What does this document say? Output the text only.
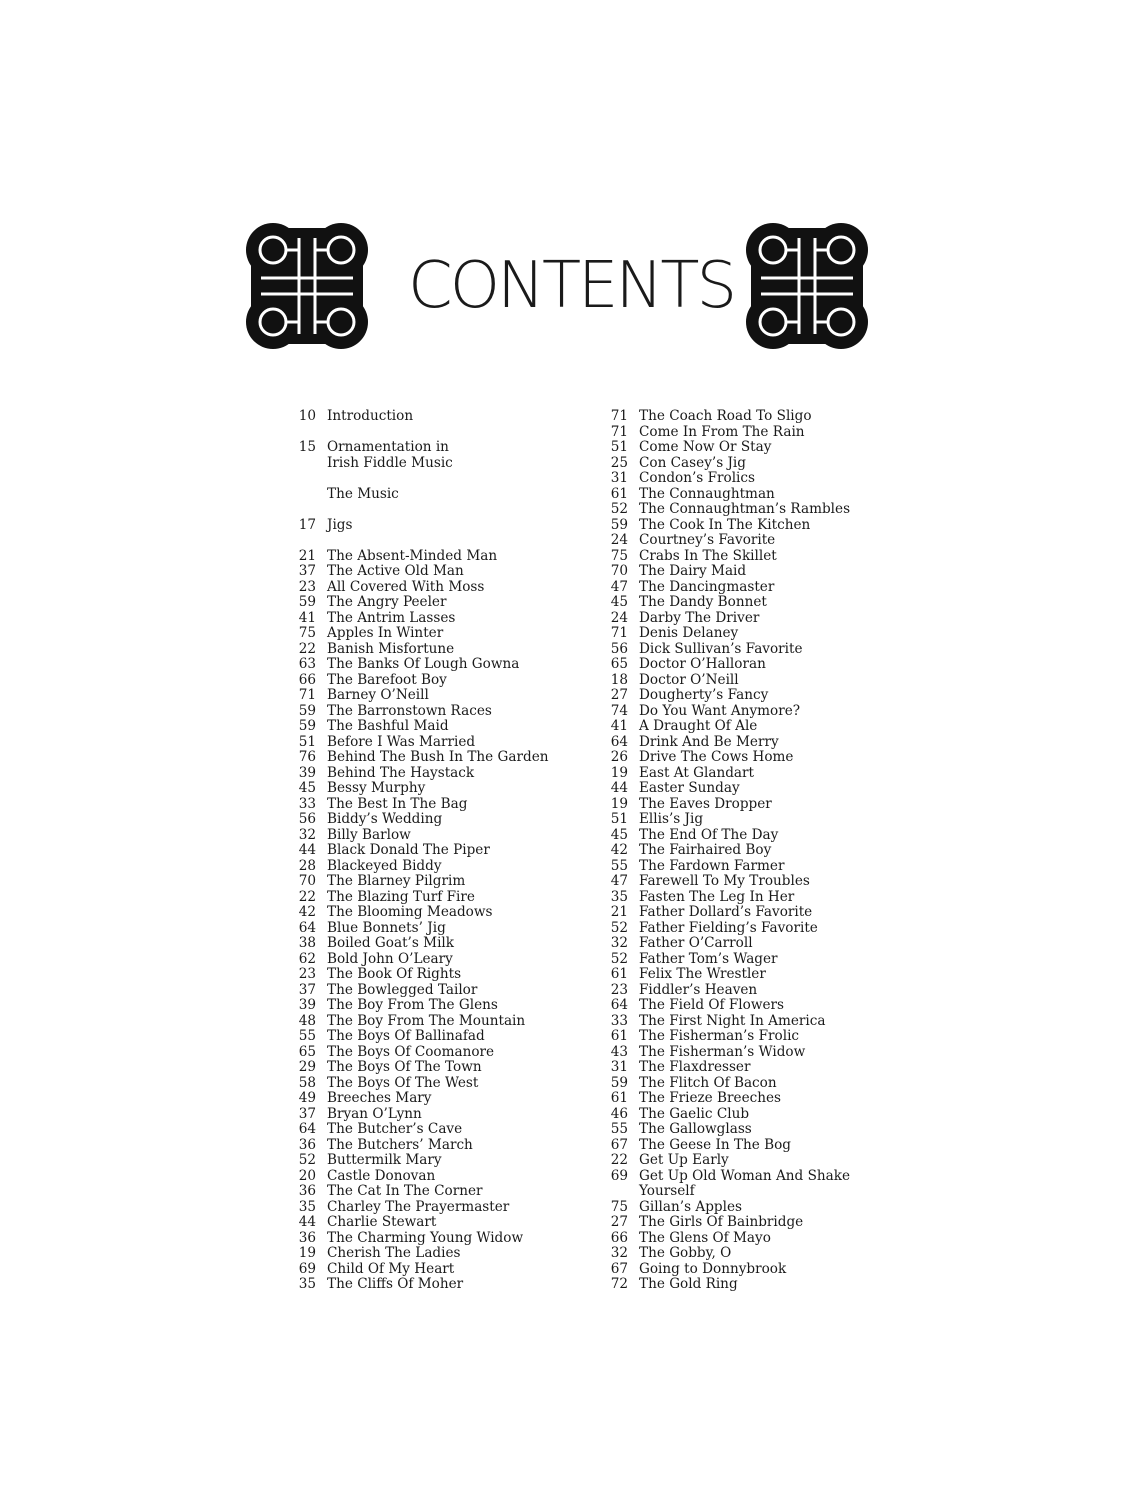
CONTENTS
10 Introduction
15 Ornamentation in
Irish Fiddle Music
The Music
17 Jigs
21 The Absent-Minded Man
37 The Active Old Man
23 All Covered With Moss
59 The Angry Peeler
41 The Antrim Lasses
75 Apples In Winter
22 Banish Misfortune
63 The Banks Of Lough Gowna
66 The Barefoot Boy
71 Barney O’Neill
59 The Barronstown Races
59 The Bashful Maid
51 Before I Was Married
76 Behind The Bush In The Garden
39 Behind The Haystack
45 Bessy Murphy
33 The Best In The Bag
56 Biddy’s Wedding
32 Billy Barlow
44 Black Donald The Piper
28 Blackeyed Biddy
70 The Blarney Pilgrim
22 The Blazing Turf Fire
42 The Blooming Meadows
64 Blue Bonnets’ Jig
38 Boiled Goat’s Milk
62 Bold John O’Leary
23 The Book Of Rights
37 The Bowlegged Tailor
39 The Boy From The Glens
48 The Boy From The Mountain
55 The Boys Of Ballinafad
65 The Boys Of Coomanore
29 The Boys Of The Town
58 The Boys Of The West
49 Breeches Mary
37 Bryan O’Lynn
64 The Butcher’s Cave
36 The Butchers’ March
52 Buttermilk Mary
20 Castle Donovan
36 The Cat In The Corner
35 Charley The Prayermaster
44 Charlie Stewart
36 The Charming Young Widow
19 Cherish The Ladies
69 Child Of My Heart
35 The Cliffs Of Moher
71 The Coach Road To Sligo
71 Come In From The Rain
51 Come Now Or Stay
25 Con Casey’s Jig
31 Condon’s Frolics
61 The Connaughtman
52 The Connaughtman’s Rambles
59 The Cook In The Kitchen
24 Courtney’s Favorite
75 Crabs In The Skillet
70 The Dairy Maid
47 The Dancingmaster
45 The Dandy Bonnet
24 Darby The Driver
71 Denis Delaney
56 Dick Sullivan’s Favorite
65 Doctor O’Halloran
18 Doctor O’Neill
27 Dougherty’s Fancy
74 Do You Want Anymore?
41 A Draught Of Ale
64 Drink And Be Merry
26 Drive The Cows Home
19 East At Glandart
44 Easter Sunday
19 The Eaves Dropper
51 Ellis’s Jig
45 The End Of The Day
42 The Fairhaired Boy
55 The Fardown Farmer
47 Farewell To My Troubles
35 Fasten The Leg In Her
21 Father Dollard’s Favorite
52 Father Fielding’s Favorite
32 Father O’Carroll
52 Father Tom’s Wager
61 Felix The Wrestler
23 Fiddler’s Heaven
64 The Field Of Flowers
33 The First Night In America
61 The Fisherman’s Frolic
43 The Fisherman’s Widow
31 The Flaxdresser
59 The Flitch Of Bacon
61 The Frieze Breeches
46 The Gaelic Club
55 The Gallowglass
67 The Geese In The Bog
22 Get Up Early
69 Get Up Old Woman And Shake
Yourself
75 Gillan’s Apples
27 The Girls Of Bainbridge
66 The Glens Of Mayo
32 The Gobby, O
67 Going to Donnybrook
72 The Gold Ring
